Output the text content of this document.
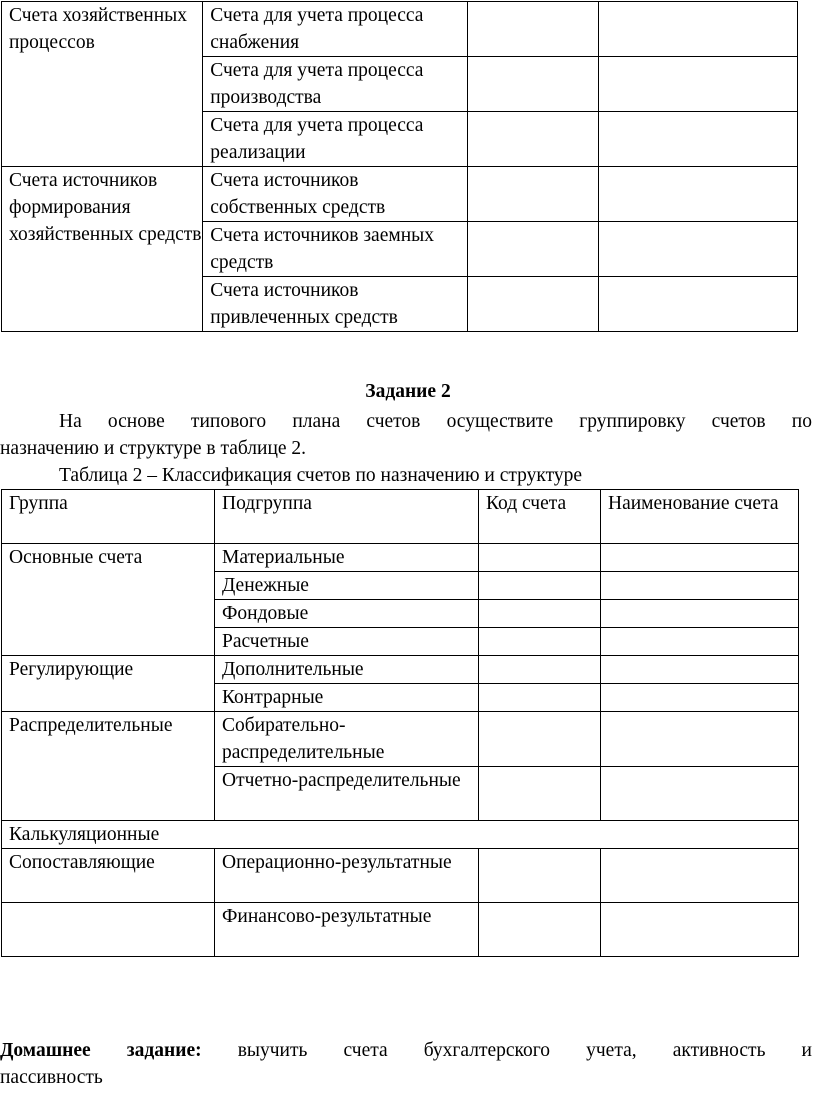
Счета хозяйственных процессов	Счета для учета процесса снабжения		
	Счета для учета процесса производства		
	Счета для учета процесса реализации		
Счета источников формирования хозяйственных средств	Счета источников собственных средств		
	Счета источников заемных средств		
	Счета источников привлеченных средств		
Задание 2
На основе типового плана счетов осуществите группировку счетов по
назначению и структуре в таблице 2.
Таблица 2 – Классификация счетов по назначению и структуре
Группа	Подгруппа	Код счета	Наименование счета
Основные счета	Материальные		
	Денежные		
	Фондовые		
	Расчетные		
Регулирующие	Дополнительные		
	Контрарные		
Распределительные	Собирательно-распределительные		
	Отчетно-распределительные		
Калькуляционные			
Сопоставляющие	Операционно-результатные		
	Финансово-результатные		
Домашнее задание: выучить счета бухгалтерского учета, активность и
пассивность
